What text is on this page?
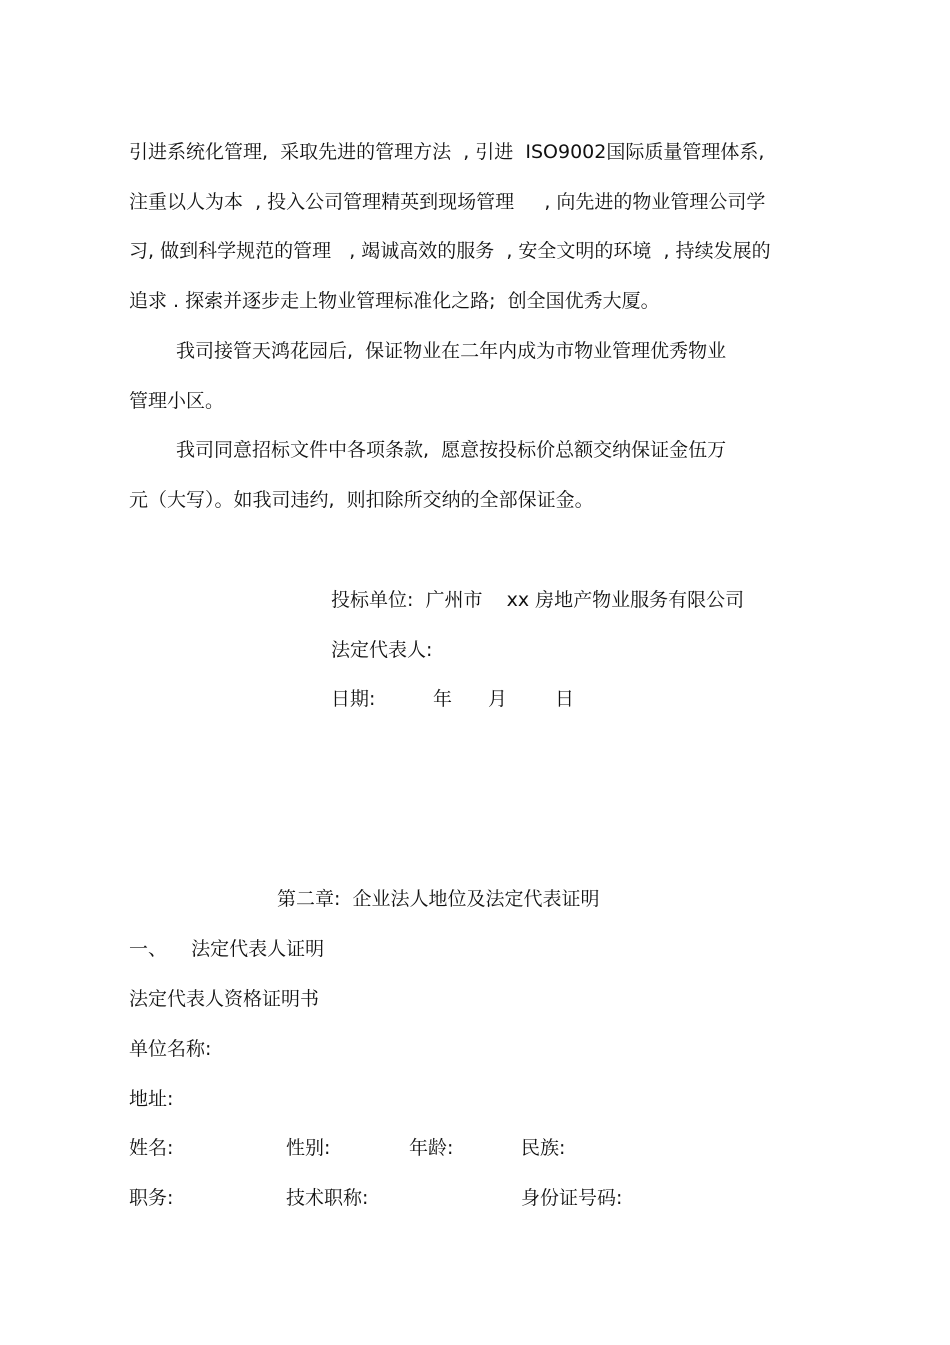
引进系统化管理,  采取先进的管理方法  , 引进  ISO9002国际质量管理体系,
注重以人为本  , 投入公司管理精英到现场管理     , 向先进的物业管理公司学
习, 做到科学规范的管理   , 竭诚高效的服务  , 安全文明的环境  , 持续发展的
追求 . 探索并逐步走上物业管理标准化之路;  创全国优秀大厦。
我司接管天鸿花园后,  保证物业在二年内成为市物业管理优秀物业
管理小区。
我司同意招标文件中各项条款,  愿意按投标价总额交纳保证金伍万
元（大写）。如我司违约,  则扣除所交纳的全部保证金。
投标单位:  广州市    xx 房地产物业服务有限公司
法定代表人:
日期:	年 月	日
第二章:  企业法人地位及法定代表证明
一、    法定代表人证明
法定代表人资格证明书
单位名称:
地址:
姓名:	性别:	年龄:	民族:
职务:	技术职称:	身份证号码:
